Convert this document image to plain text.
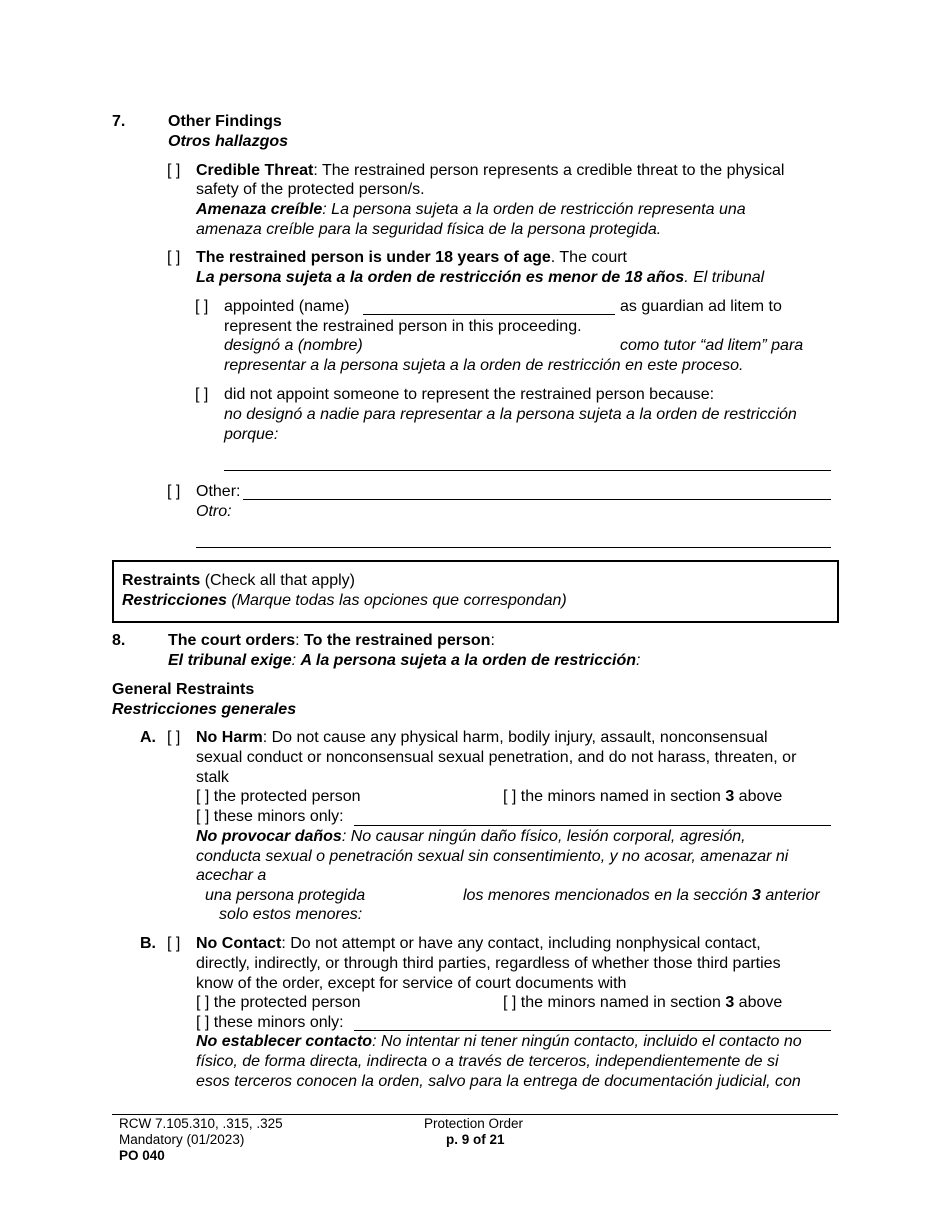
7.	Other Findings
Otros hallazgos
[ ] Credible Threat: The restrained person represents a credible threat to the physical
safety of the protected person/s.
Amenaza creíble: La persona sujeta a la orden de restricción representa una
amenaza creíble para la seguridad física de la persona protegida.
[ ] The restrained person is under 18 years of age. The court
La persona sujeta a la orden de restricción es menor de 18 años. El tribunal
[ ] appointed (name)	as guardian ad litem to
represent the restrained person in this proceeding.
designó a (nombre)	como tutor “ad litem” para
representar a la persona sujeta a la orden de restricción en este proceso.
[ ] did not appoint someone to represent the restrained person because:
no designó a nadie para representar a la persona sujeta a la orden de restricción
porque:
[ ] Other:
Otro:
Restraints (Check all that apply)
Restricciones (Marque todas las opciones que correspondan)
8.	The court orders: To the restrained person:
El tribunal exige: A la persona sujeta a la orden de restricción:
General Restraints
Restricciones generales
A. [ ] No Harm: Do not cause any physical harm, bodily injury, assault, nonconsensual
sexual conduct or nonconsensual sexual penetration, and do not harass, threaten, or
stalk
[ ] the protected person	[ ] the minors named in section 3 above
[ ] these minors only:
No provocar daños: No causar ningún daño físico, lesión corporal, agresión,
conducta sexual o penetración sexual sin consentimiento, y no acosar, amenazar ni
acechar a
una persona protegida	los menores mencionados en la sección 3 anterior
solo estos menores:
B. [ ] No Contact: Do not attempt or have any contact, including nonphysical contact,
directly, indirectly, or through third parties, regardless of whether those third parties
know of the order, except for service of court documents with
[ ] the protected person	[ ] the minors named in section 3 above
[ ] these minors only:
No establecer contacto: No intentar ni tener ningún contacto, incluido el contacto no
físico, de forma directa, indirecta o a través de terceros, independientemente de si
esos terceros conocen la orden, salvo para la entrega de documentación judicial, con
RCW 7.105.310, .315, .325
Mandatory (01/2023)
PO 040
Protection Order
p. 9 of 21
